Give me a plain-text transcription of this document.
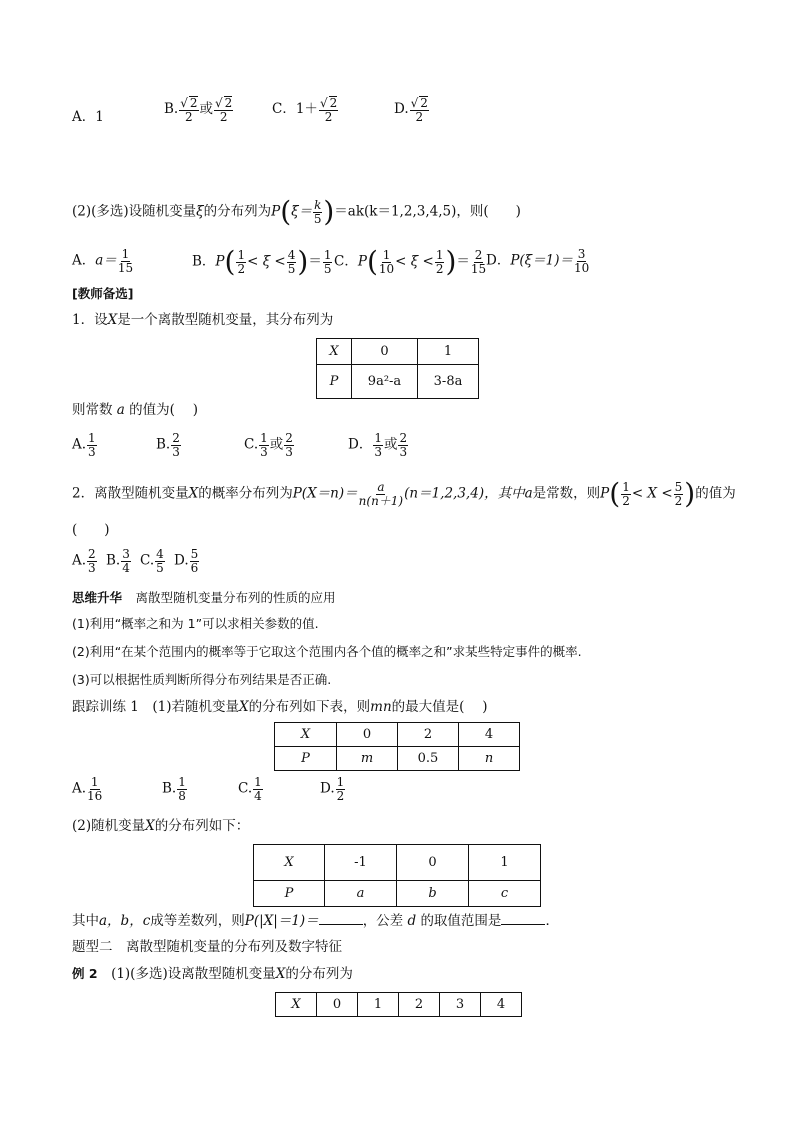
A．1	B. $\frac{√ 2}{2}$ 或 $\frac{√ 2}{2}$	C．$1+ \frac{√ 2}{2}$	D. $\frac{√ 2}{2}$
(2)(多选)设随机变量ξ的分布列为$P(\xi= \frac{k}{5} )=ak(k=1,2,3,4,5)$，则(　　 )
A．$a= \frac{1}{15}$	B．$P( \frac{1}{2} < \xi < \frac{4}{5}$ )＝ $\frac{1}{5}$ C．$P( \frac{1}{10} < \xi < \frac{1}{2}$ )＝ $\frac{2}{15}$ D．$P(\xi=1)= \frac{3}{10}$
[教师备选]
1．设X是一个离散型随机变量，其分布列为
X	0	1
P	9a²-a	3-8a
则常数 a 的值为(　 )
A. $\frac{1}{3}$	B. $\frac{2}{3}$	C. $\frac{1}{3}$ 或 $\frac{2}{3}$	D． $\frac{1}{3}$ 或 $\frac{2}{3}$
2．离散型随机变量X的概率分布列为$P(X=n)= \frac{a}{n(n+1)} (n=1,2,3,4)$，其中a是常数，则$P( \frac{1}{2} < X < \frac{5}{2}$ )的值为
(　　)
A. $\frac{2}{3} B$. $\frac{3}{4} C$. $\frac{4}{5} D$. $\frac{5}{6}$
思维升华　 离散型随机变量分布列的性质的应用
(1)利用“概率之和为 1”可以求相关参数的值.
(2)利用“在某个范围内的概率等于它取这个范围内各个值的概率之和”求某些特定事件的概率.
(3)可以根据性质判断所得分布列结果是否正确.
跟踪训练 1　 (1)若随机变量X的分布列如下表，则mn的最大值是(　 )
X	0	2	4
P	m	0.5	n
A. $\frac{1}{16}$	B. $\frac{1}{8}$	C. $\frac{1}{4}$	D. $\frac{1}{2}$
(2)随机变量X的分布列如下：
X	-1	0	1
P	a	b	c
其中a，b，c成等差数列，则P(|X|＝1)＝	，公差 d 的取值范围是	．
题型二　离散型随机变量的分布列及数字特征
例 2　 (1)(多选)设离散型随机变量X的分布列为
X	0	1	2	3	4
